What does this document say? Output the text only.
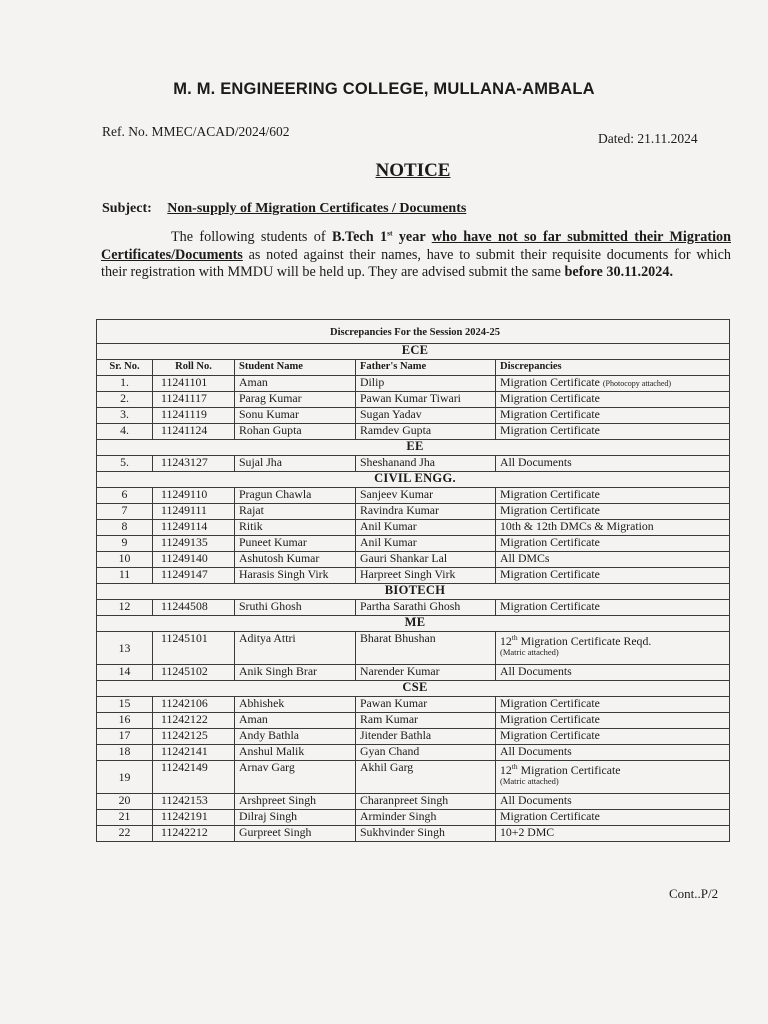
M. M. ENGINEERING COLLEGE, MULLANA-AMBALA
Ref. No. MMEC/ACAD/2024/602	Dated: 21.11.2024
NOTICE
Subject: Non-supply of Migration Certificates / Documents
The following students of B.Tech 1st year who have not so far submitted their Migration Certificates/Documents as noted against their names, have to submit their requisite documents for which their registration with MMDU will be held up. They are advised submit the same before 30.11.2024.
Discrepancies For the Session 2024-25				
ECE				
Sr. No.	Roll No.	Student Name	Father's Name	Discrepancies
1.	11241101	Aman	Dilip	Migration Certificate (Photocopy attached)
2.	11241117	Parag Kumar	Pawan Kumar Tiwari	Migration Certificate
3.	11241119	Sonu Kumar	Sugan Yadav	Migration Certificate
4.	11241124	Rohan Gupta	Ramdev Gupta	Migration Certificate
EE				
5.	11243127	Sujal Jha	Sheshanand Jha	All Documents
CIVIL ENGG.				
6	11249110	Pragun Chawla	Sanjeev Kumar	Migration Certificate
7	11249111	Rajat	Ravindra Kumar	Migration Certificate
8	11249114	Ritik	Anil Kumar	10th & 12th DMCs & Migration
9	11249135	Puneet Kumar	Anil Kumar	Migration Certificate
10	11249140	Ashutosh Kumar	Gauri Shankar Lal	All DMCs
11	11249147	Harasis Singh Virk	Harpreet Singh Virk	Migration Certificate
BIOTECH				
12	11244508	Sruthi Ghosh	Partha Sarathi Ghosh	Migration Certificate
ME				
13	11245101	Aditya Attri	Bharat Bhushan	12th Migration Certificate Reqd.
(Matric attached)

14	11245102	Anik Singh Brar	Narender Kumar	All Documents
CSE				
15	11242106	Abhishek	Pawan Kumar	Migration Certificate
16	11242122	Aman	Ram Kumar	Migration Certificate
17	11242125	Andy Bathla	Jitender Bathla	Migration Certificate
18	11242141	Anshul Malik	Gyan Chand	All Documents
19	11242149	Arnav Garg	Akhil Garg	12th Migration Certificate
(Matric attached)

20	11242153	Arshpreet Singh	Charanpreet Singh	All Documents
21	11242191	Dilraj Singh	Arminder Singh	Migration Certificate
22	11242212	Gurpreet Singh	Sukhvinder Singh	10+2 DMC
Cont..P/2
